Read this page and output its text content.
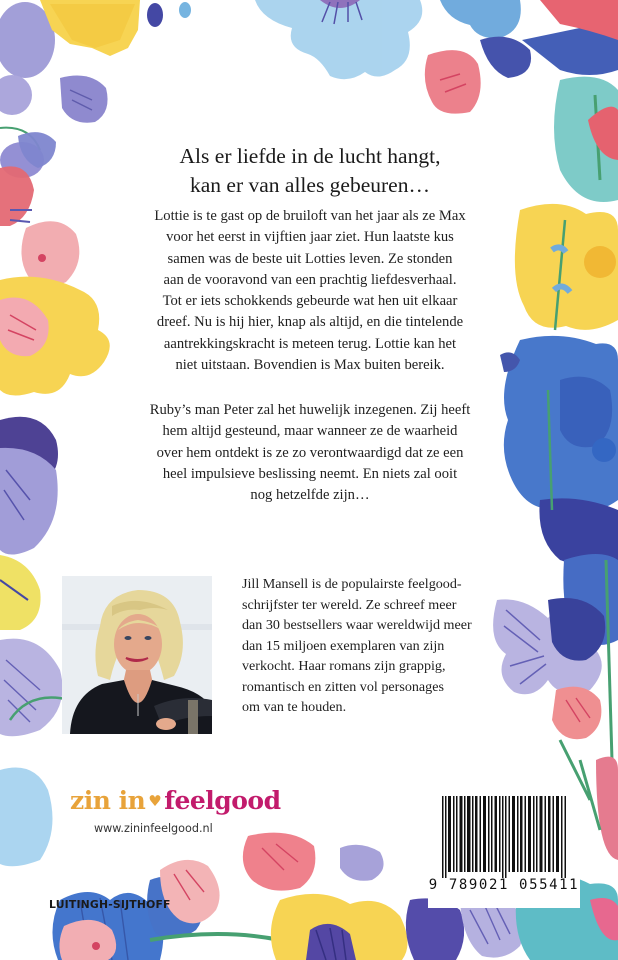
Als er liefde in de lucht hangt,
kan er van alles gebeuren…
Lottie is te gast op de bruiloft van het jaar als ze Max
voor het eerst in vijftien jaar ziet. Hun laatste kus
samen was de beste uit Lotties leven. Ze stonden
aan de vooravond van een prachtig liefdesverhaal.
Tot er iets schokkends gebeurde wat hen uit elkaar
dreef. Nu is hij hier, knap als altijd, en die tintelende
aantrekkingskracht is meteen terug. Lottie kan het
niet uitstaan. Bovendien is Max buiten bereik.
Ruby’s man Peter zal het huwelijk inzegenen. Zij heeft
hem altijd gesteund, maar wanneer ze de waarheid
over hem ontdekt is ze zo verontwaardigd dat ze een
heel impulsieve beslissing neemt. En niets zal ooit
nog hetzelfde zijn…
Jill Mansell is de populairste feelgood-
schrijfster ter wereld. Ze schreef meer
dan 30 bestsellers waar wereldwijd meer
dan 15 miljoen exemplaren van zijn
verkocht. Haar romans zijn grappig,
romantisch en zitten vol personages
om van te houden.
zin in ♥ feelgood
www.zininfeelgood.nl
LUITINGH-SIJTHOFF
9 789021 055411
